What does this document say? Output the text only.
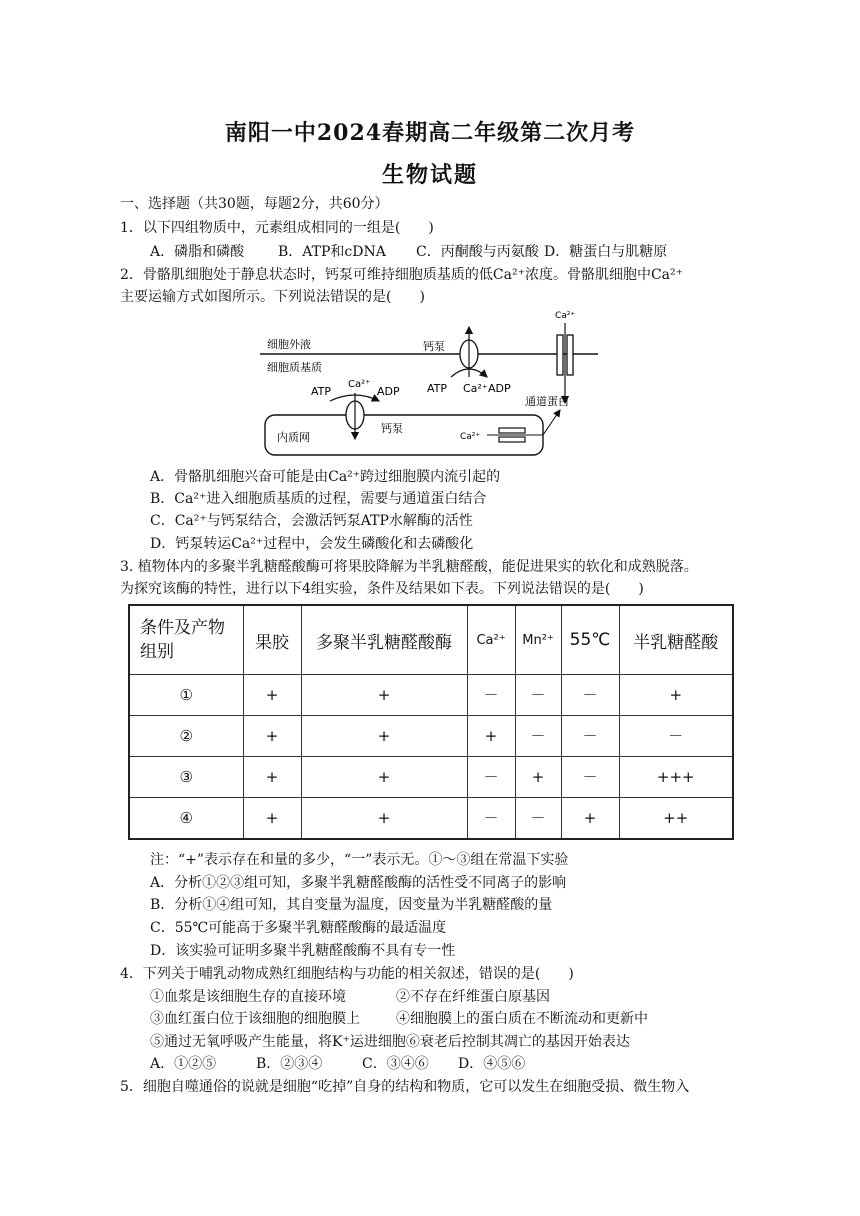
南阳一中2024春期高二年级第二次月考
生物试题
一、选择题（共30题，每题2分，共60分）
1．以下四组物质中，元素组成相同的一组是(　　)
A．磷脂和磷酸 B．ATP和cDNA C．丙酮酸与丙氨酸 D．糖蛋白与肌糖原
2．骨骼肌细胞处于静息状态时，钙泵可维持细胞质基质的低Ca²⁺浓度。骨骼肌细胞中Ca²⁺
主要运输方式如图所示。下列说法错误的是(　　)
细胞外液
细胞质基质
钙泵
ATP Ca²⁺ ADP
Ca²⁺
通道蛋白
内质网
ATP
Ca²⁺
ADP
钙泵
Ca²⁺
A．骨骼肌细胞兴奋可能是由Ca²⁺跨过细胞膜内流引起的
B．Ca²⁺进入细胞质基质的过程，需要与通道蛋白结合
C．Ca²⁺与钙泵结合，会激活钙泵ATP水解酶的活性
D．钙泵转运Ca²⁺过程中，会发生磷酸化和去磷酸化
3. 植物体内的多聚半乳糖醛酸酶可将果胶降解为半乳糖醛酸，能促进果实的软化和成熟脱落。
为探究该酶的特性，进行以下4组实验，条件及结果如下表。下列说法错误的是(　　)
条件及产物
组别	果胶	多聚半乳糖醛酸酶	Ca²⁺	Mn²⁺	55℃	半乳糖醛酸
①	+	+	－	－	－	+
②	+	+	+	－	－	－
③	+	+	－	+	－	+++
④	+	+	－	－	+	++
注：“+”表示存在和量的多少，“一”表示无。①～③组在常温下实验
A．分析①②③组可知，多聚半乳糖醛酸酶的活性受不同离子的影响
B．分析①④组可知，其自变量为温度，因变量为半乳糖醛酸的量
C．55℃可能高于多聚半乳糖醛酸酶的最适温度
D．该实验可证明多聚半乳糖醛酸酶不具有专一性
4．下列关于哺乳动物成熟红细胞结构与功能的相关叙述，错误的是(　　)
①血浆是该细胞生存的直接环境	②不存在纤维蛋白原基因
③血红蛋白位于该细胞的细胞膜上	④细胞膜上的蛋白质在不断流动和更新中
⑤通过无氧呼吸产生能量，将K⁺运进细胞⑥衰老后控制其凋亡的基因开始表达
A．①②⑤	B．②③④	C．③④⑥ D．④⑤⑥
5．细胞自噬通俗的说就是细胞“吃掉”自身的结构和物质，它可以发生在细胞受损、微生物入
